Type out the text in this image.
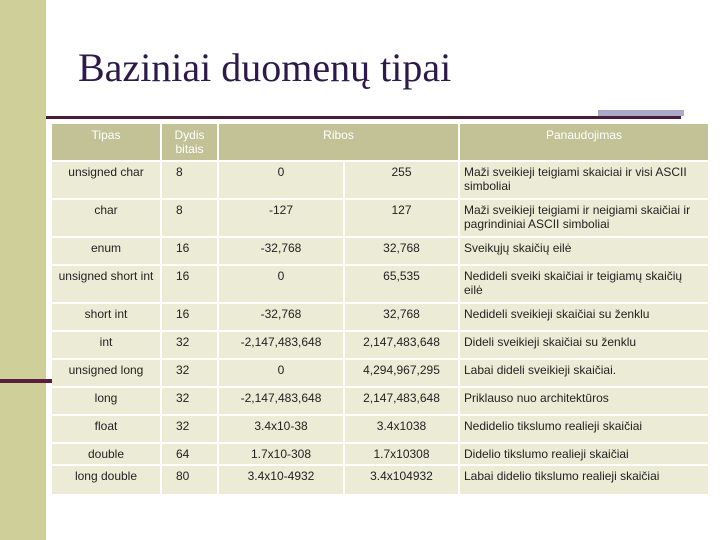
Baziniai duomenų tipai
Tipas	Dydis bitais	Ribos		Panaudojimas
unsigned char	8	0	255	Maži sveikieji teigiami skaiciai ir visi ASCII simboliai
char	8	-127	127	Maži sveikieji teigiami ir neigiami skaičiai ir pagrindiniai ASCII simboliai
enum	16	-32,768	32,768	Sveikųjų skaičių eilė
unsigned short int	16	0	65,535	Nedideli sveiki skaičiai ir teigiamų skaičių eilė
short int	16	-32,768	32,768	Nedideli sveikieji skaičiai su ženklu
int	32	-2,147,483,648	2,147,483,648	Dideli sveikieji skaičiai su ženklu
unsigned long	32	0	4,294,967,295	Labai dideli sveikieji skaičiai.
long	32	-2,147,483,648	2,147,483,648	Priklauso nuo architektūros
float	32	3.4x10-38	3.4x1038	Nedidelio tikslumo realieji skaičiai
double	64	1.7x10-308	1.7x10308	Didelio tikslumo realieji skaičiai
long double	80	3.4x10-4932	3.4x104932	Labai didelio tikslumo realieji skaičiai
